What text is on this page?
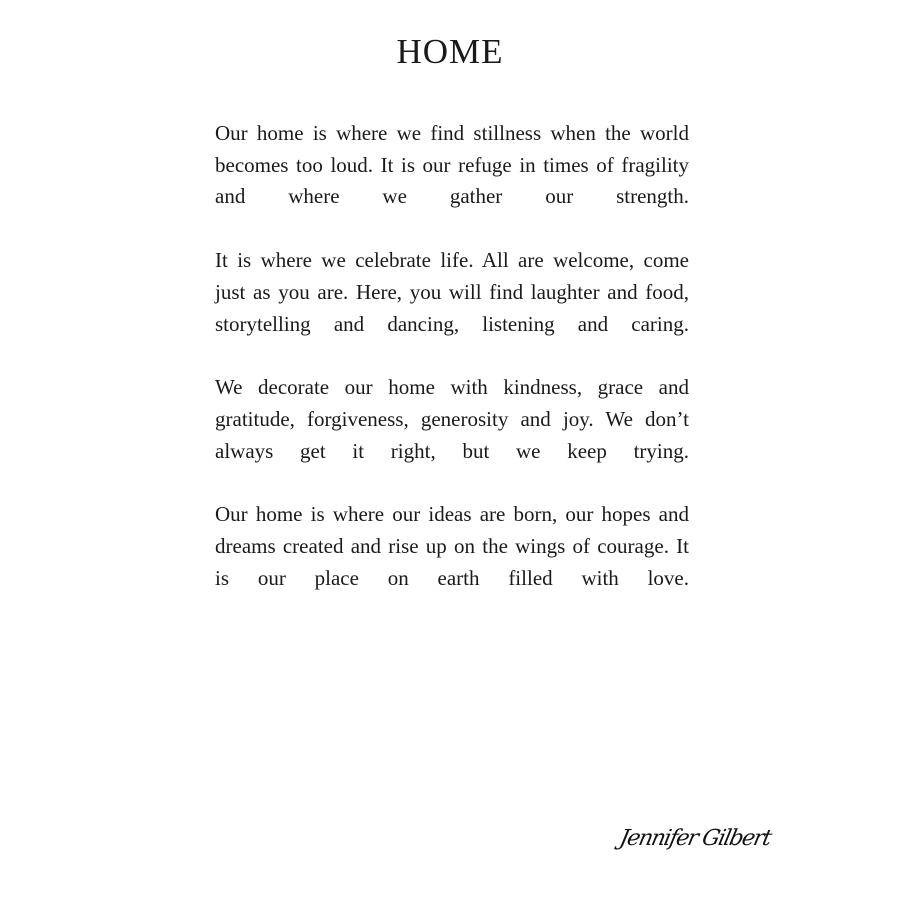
HOME

Our home is where we find stillness when the world becomes too loud. It is our refuge in times of fragility and where we gather our strength.

It is where we celebrate life. All are welcome, come just as you are. Here, you will find laughter and food, storytelling and dancing, listening and caring.

We decorate our home with kindness, grace and gratitude, forgiveness, generosity and joy. We don’t always get it right, but we keep trying.

Our home is where our ideas are born, our hopes and dreams created and rise up on the wings of courage. It is our place on earth filled with love.

Jennifer Gilbert
